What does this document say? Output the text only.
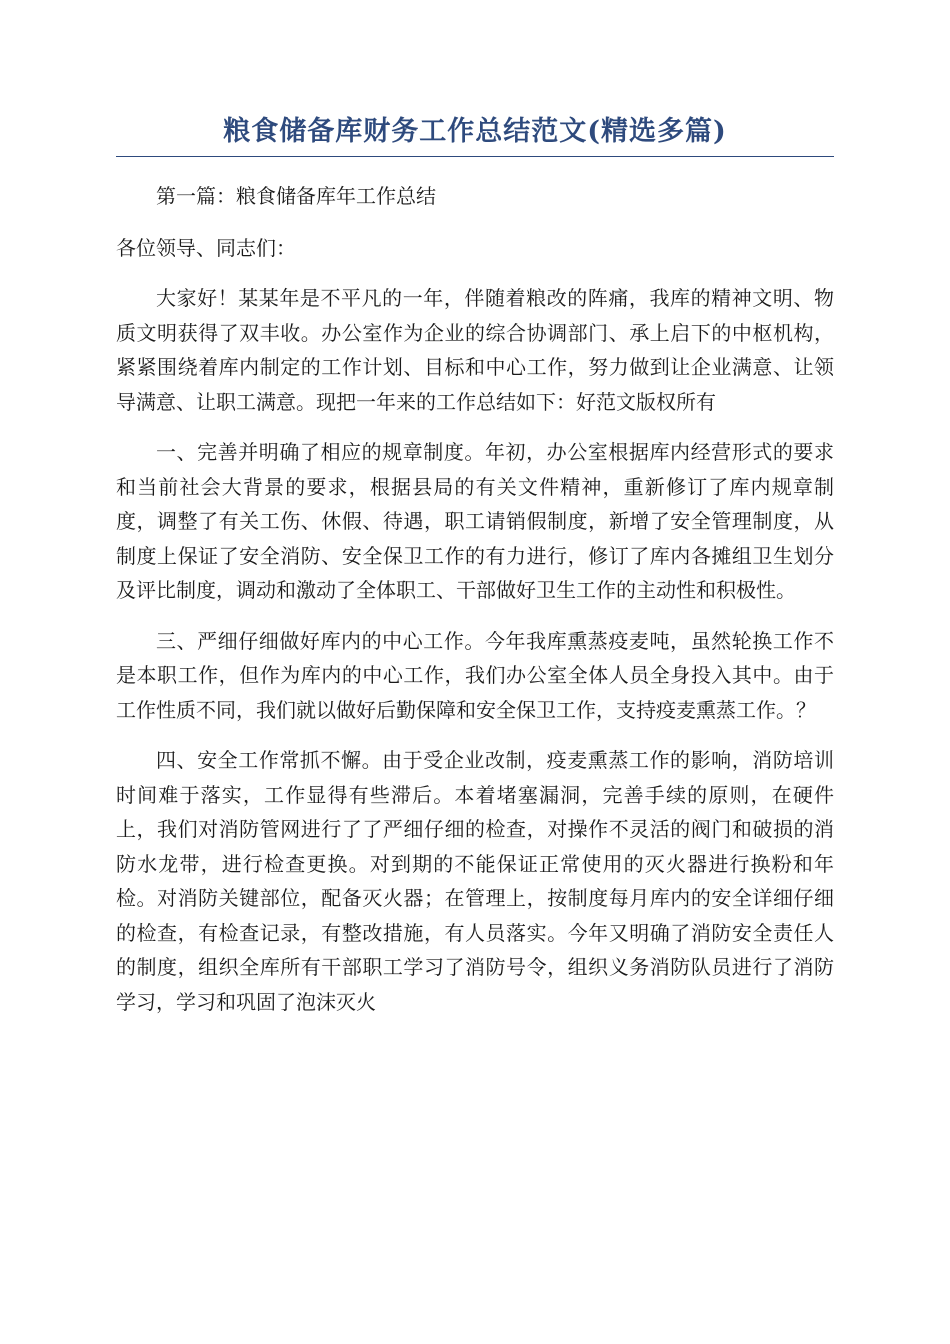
粮食储备库财务工作总结范文(精选多篇)

第一篇：粮食储备库年工作总结

各位领导、同志们：

大家好！某某年是不平凡的一年，伴随着粮改的阵痛，我库的精神文明、物质文明获得了双丰收。办公室作为企业的综合协调部门、承上启下的中枢机构，紧紧围绕着库内制定的工作计划、目标和中心工作，努力做到让企业满意、让领导满意、让职工满意。现把一年来的工作总结如下：好范文版权所有

一、完善并明确了相应的规章制度。年初，办公室根据库内经营形式的要求和当前社会大背景的要求，根据县局的有关文件精神，重新修订了库内规章制度，调整了有关工伤、休假、待遇，职工请销假制度，新增了安全管理制度，从制度上保证了安全消防、安全保卫工作的有力进行，修订了库内各摊组卫生划分及评比制度，调动和激动了全体职工、干部做好卫生工作的主动性和积极性。

三、严细仔细做好库内的中心工作。今年我库熏蒸疫麦吨，虽然轮换工作不是本职工作，但作为库内的中心工作，我们办公室全体人员全身投入其中。由于工作性质不同，我们就以做好后勤保障和安全保卫工作，支持疫麦熏蒸工作。？

四、安全工作常抓不懈。由于受企业改制，疫麦熏蒸工作的影响，消防培训时间难于落实，工作显得有些滞后。本着堵塞漏洞，完善手续的原则，在硬件上，我们对消防管网进行了了严细仔细的检查，对操作不灵活的阀门和破损的消防水龙带，进行检查更换。对到期的不能保证正常使用的灭火器进行换粉和年检。对消防关键部位，配备灭火器；在管理上，按制度每月库内的安全详细仔细的检查，有检查记录，有整改措施，有人员落实。今年又明确了消防安全责任人的制度，组织全库所有干部职工学习了消防号令，组织义务消防队员进行了消防学习，学习和巩固了泡沫灭火
